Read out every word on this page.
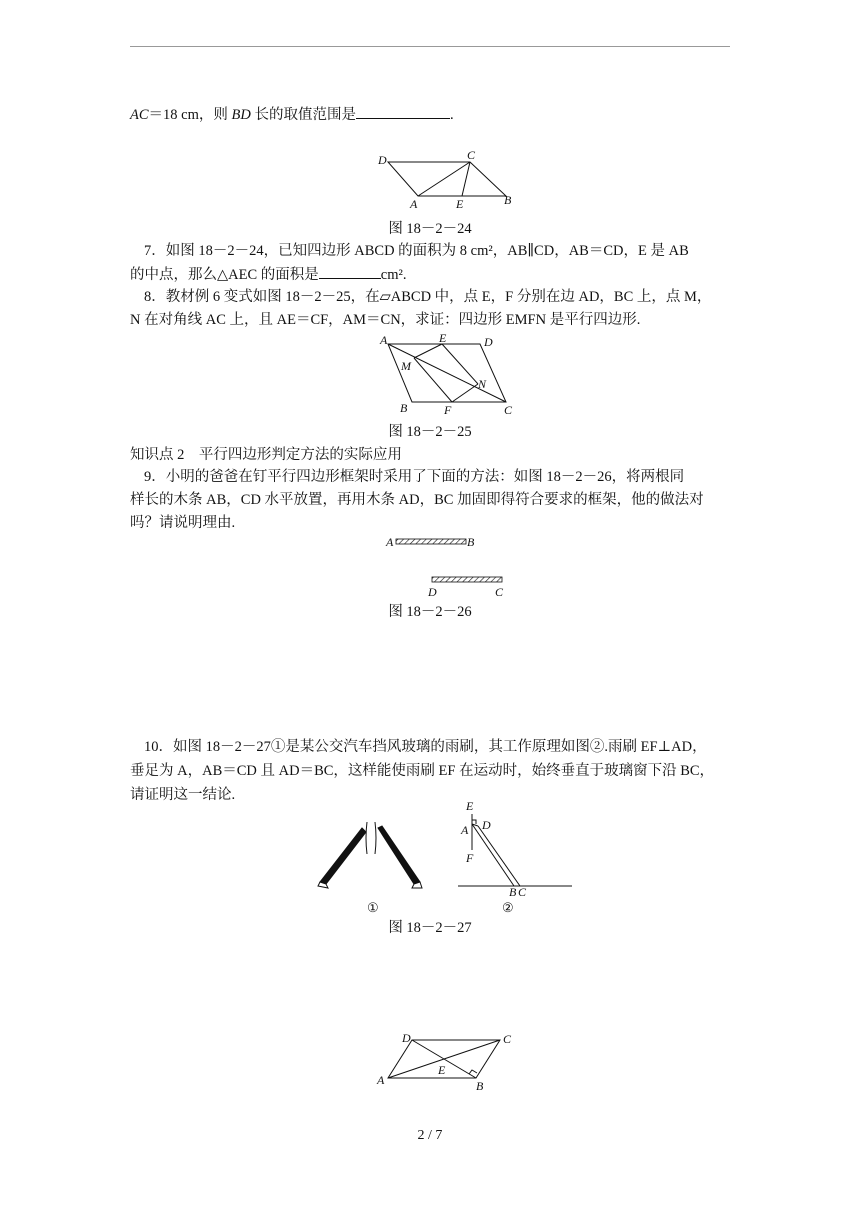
AC＝18 cm，则 BD 长的取值范围是	.
D	C
A	E	B
图 18－2－24
7．如图 18－2－24，已知四边形 ABCD 的面积为 8 cm²，AB∥CD，AB＝CD，E 是 AB
的中点，那么△AEC 的面积是	cm².
8．教材例 6 变式如图 18－2－25，在▱ABCD 中，点 E，F 分别在边 AD，BC 上，点 M，
N 在对角线 AC 上，且 AE＝CF，AM＝CN，求证：四边形 EMFN 是平行四边形.
A	E	D
M
N
B	F	C
图 18－2－25
知识点 2　平行四边形判定方法的实际应用
9．小明的爸爸在钉平行四边形框架时采用了下面的方法：如图 18－2－26，将两根同
样长的木条 AB，CD 水平放置，再用木条 AD，BC 加固即得符合要求的框架，他的做法对
吗？请说明理由.
A	B
D	C
图 18－2－26
10．如图 18－2－27①是某公交汽车挡风玻璃的雨刷，其工作原理如图②.雨刷 EF⊥AD，
垂足为 A，AB＝CD 且 AD＝BC，这样能使雨刷 EF 在运动时，始终垂直于玻璃窗下沿 BC，
请证明这一结论.
①
E
A D
F
B C
②
图 18－2－27
D	C
A
E
B
2 / 7
